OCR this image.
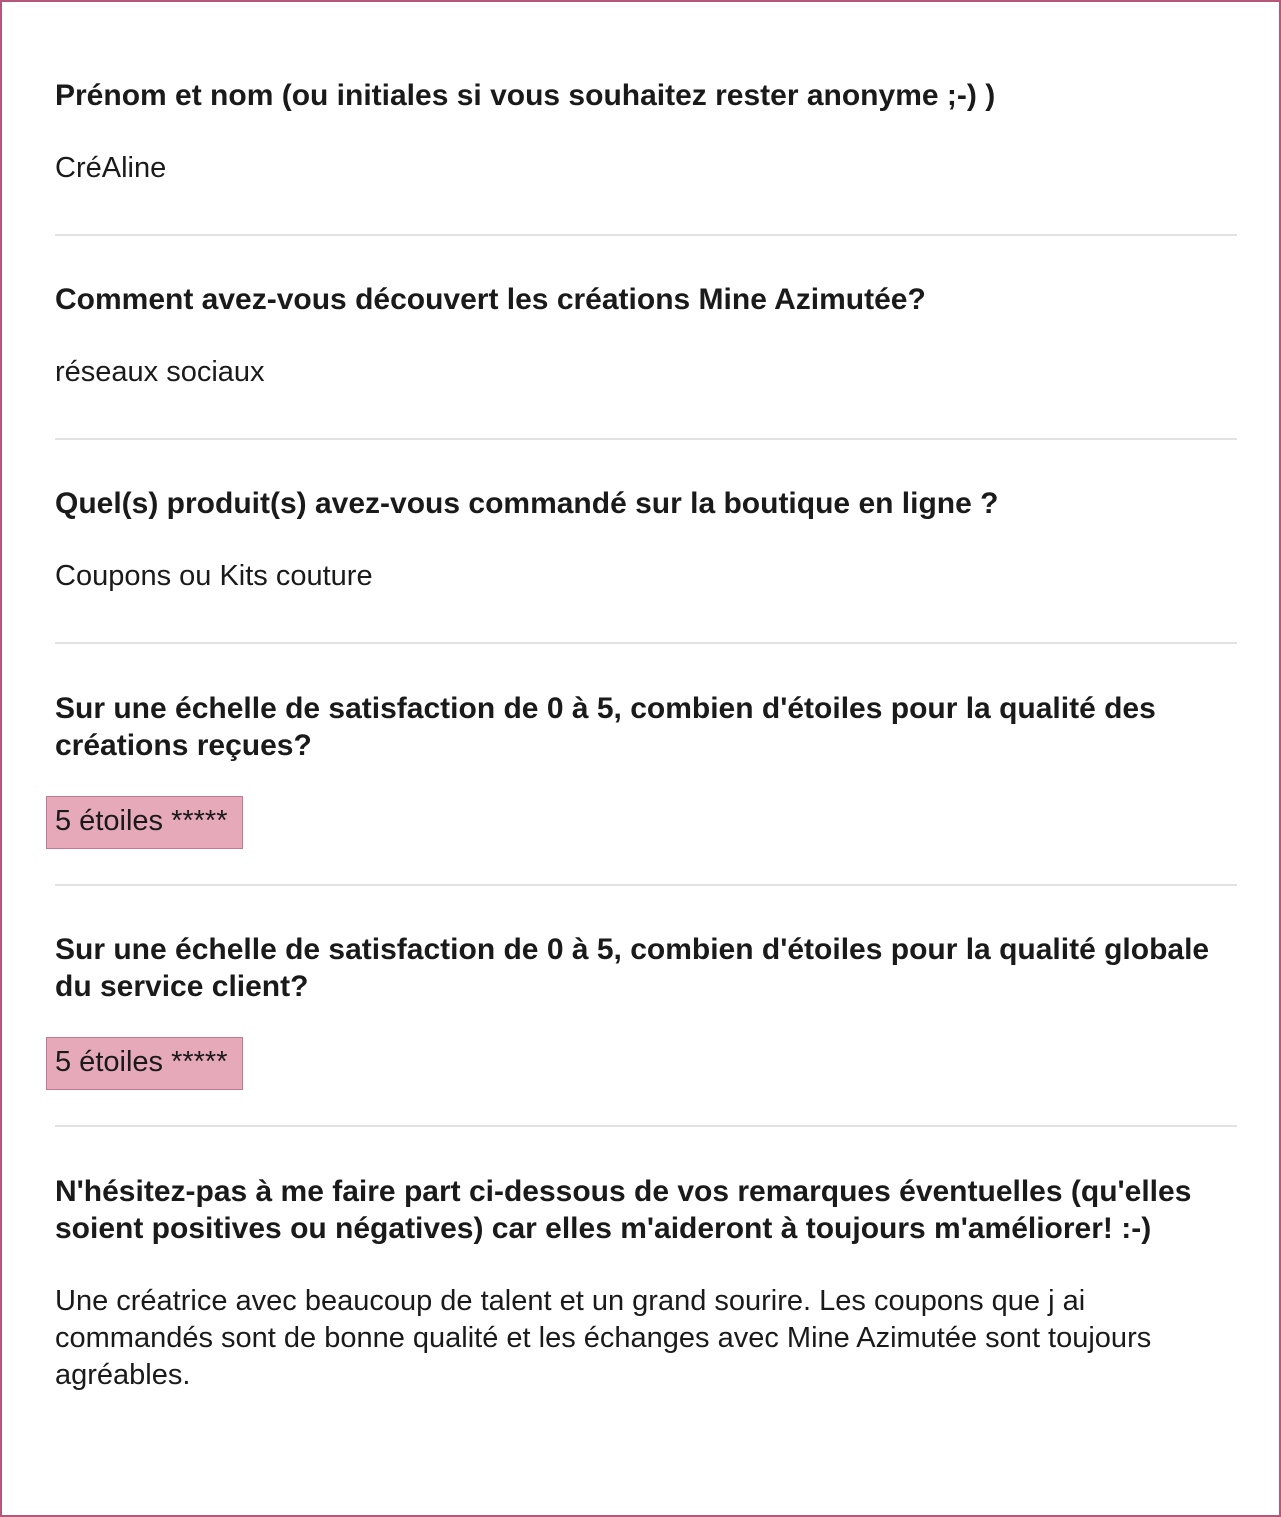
Prénom et nom (ou initiales si vous souhaitez rester anonyme ;-) )
CréAline
Comment avez-vous découvert les créations Mine Azimutée?
réseaux sociaux
Quel(s) produit(s) avez-vous commandé sur la boutique en ligne ?
Coupons ou Kits couture
Sur une échelle de satisfaction de 0 à 5, combien d'étoiles pour la qualité des créations reçues?
5 étoiles *****
Sur une échelle de satisfaction de 0 à 5, combien d'étoiles pour la qualité globale du service client?
5 étoiles *****
N'hésitez-pas à me faire part ci-dessous de vos remarques éventuelles (qu'elles soient positives ou négatives) car elles m'aideront à toujours m'améliorer! :-)
Une créatrice avec beaucoup de talent et un grand sourire. Les coupons que j ai commandés sont de bonne qualité et les échanges avec Mine Azimutée sont toujours agréables.
